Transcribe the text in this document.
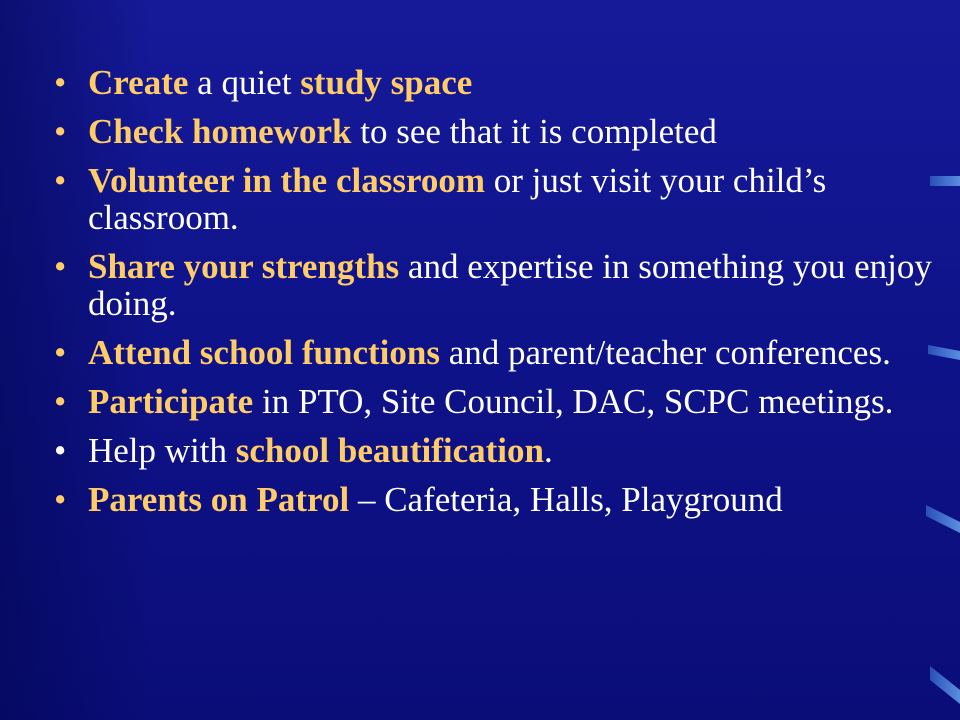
• Create a quiet study space
• Check homework to see that it is completed
• Volunteer in the classroom or just visit your child’s classroom.
• Share your strengths and expertise in something you enjoy doing.
• Attend school functions and parent/teacher conferences.
• Participate in PTO, Site Council, DAC, SCPC meetings.
• Help with school beautification.
• Parents on Patrol – Cafeteria, Halls, Playground
